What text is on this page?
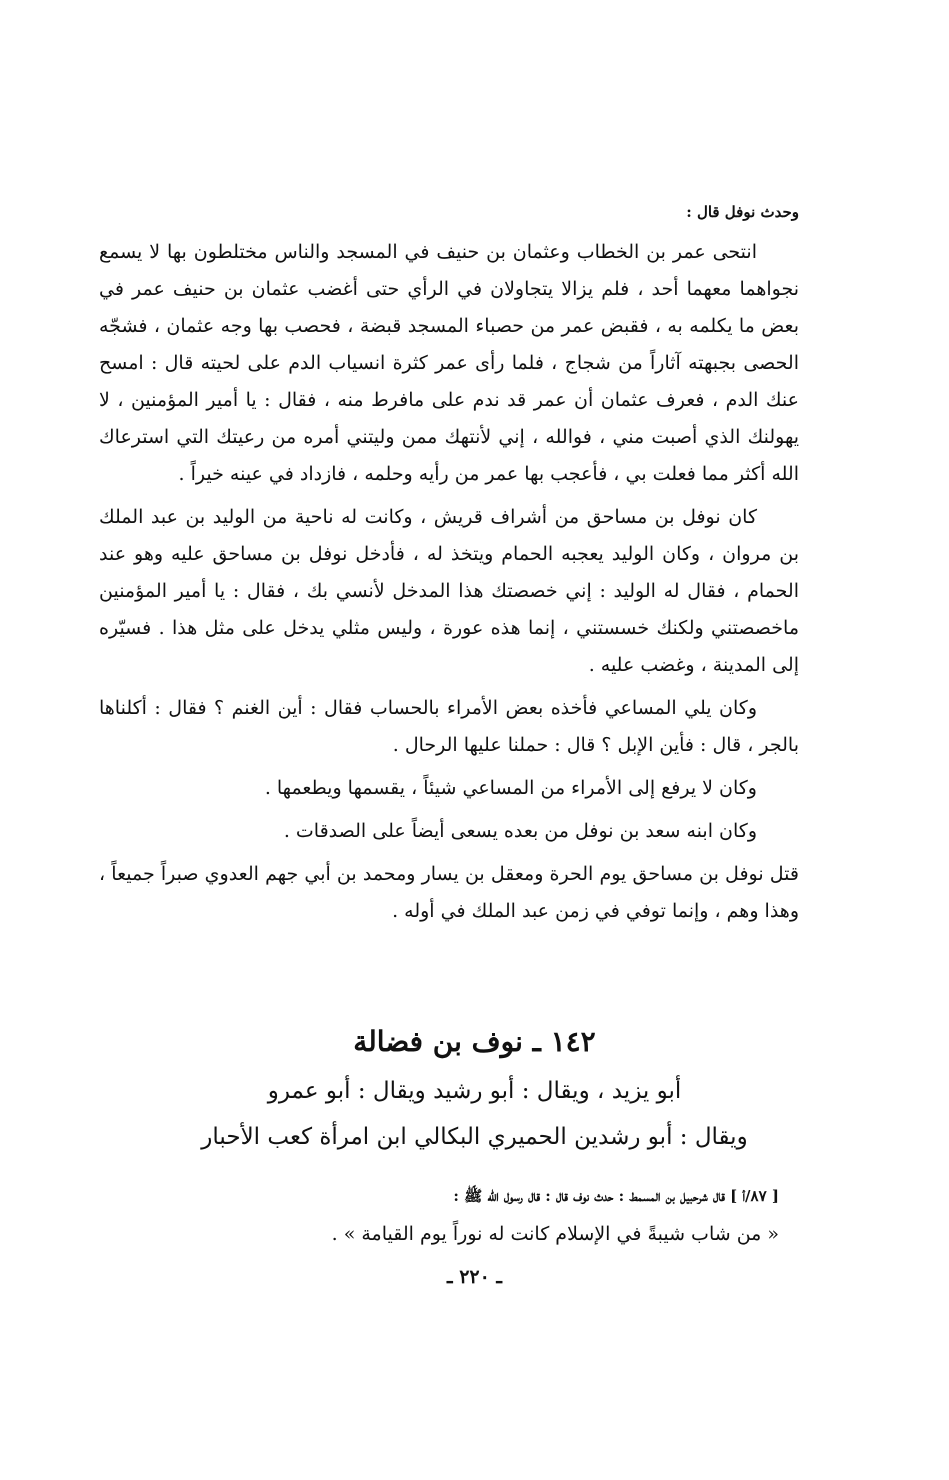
وحدث نوفل قال :

انتحى عمر بن الخطاب وعثمان بن حنيف في المسجد والناس مختلطون بها لا يسمع نجواهما معهما أحد ، فلم يزالا يتجاولان في الرأي حتى أغضب عثمان بن حنيف عمر في بعض ما يكلمه به ، فقبض عمر من حصباء المسجد قبضة ، فحصب بها وجه عثمان ، فشجّه الحصى بجبهته آثاراً من شجاج ، فلما رأى عمر كثرة انسياب الدم على لحيته قال : امسح عنك الدم ، فعرف عثمان أن عمر قد ندم على مافرط منه ، فقال : يا أمير المؤمنين ، لا يهولنك الذي أصبت مني ، فوالله ، إني لأنتهك ممن وليتني أمره من رعيتك التي استرعاك الله أكثر مما فعلت بي ، فأعجب بها عمر من رأيه وحلمه ، فازداد في عينه خيراً .

كان نوفل بن مساحق من أشراف قريش ، وكانت له ناحية من الوليد بن عبد الملك بن مروان ، وكان الوليد يعجبه الحمام ويتخذ له ، فأدخل نوفل بن مساحق عليه وهو عند الحمام ، فقال له الوليد : إني خصصتك هذا المدخل لأنسي بك ، فقال : يا أمير المؤمنين ماخصصتني ولكنك خسستني ، إنما هذه عورة ، وليس مثلي يدخل على مثل هذا . فسيّره إلى المدينة ، وغضب عليه .

وكان يلي المساعي فأخذه بعض الأمراء بالحساب فقال : أين الغنم ؟ فقال : أكلناها بالجر ، قال : فأين الإبل ؟ قال : حملنا عليها الرحال .

وكان لا يرفع إلى الأمراء من المساعي شيئاً ، يقسمها ويطعمها .

وكان ابنه سعد بن نوفل من بعده يسعى أيضاً على الصدقات .

قتل نوفل بن مساحق يوم الحرة ومعقل بن يسار ومحمد بن أبي جهم العدوي صبراً جميعاً ، وهذا وهم ، وإنما توفي في زمن عبد الملك في أوله .

١٤٢ ـ نوف بن فضالة
أبو يزيد ، ويقال : أبو رشيد ويقال : أبو عمرو
ويقال : أبو رشدين الحميري البكالي ابن امرأة كعب الأحبار
[ ٨٧/أ ] قال شرحبيل بن المسمط : حدث نوف قال : قال رسول الله ﷺ :
« من شاب شيبةً في الإسلام كانت له نوراً يوم القيامة » .
ـ ٢٢٠ ـ
